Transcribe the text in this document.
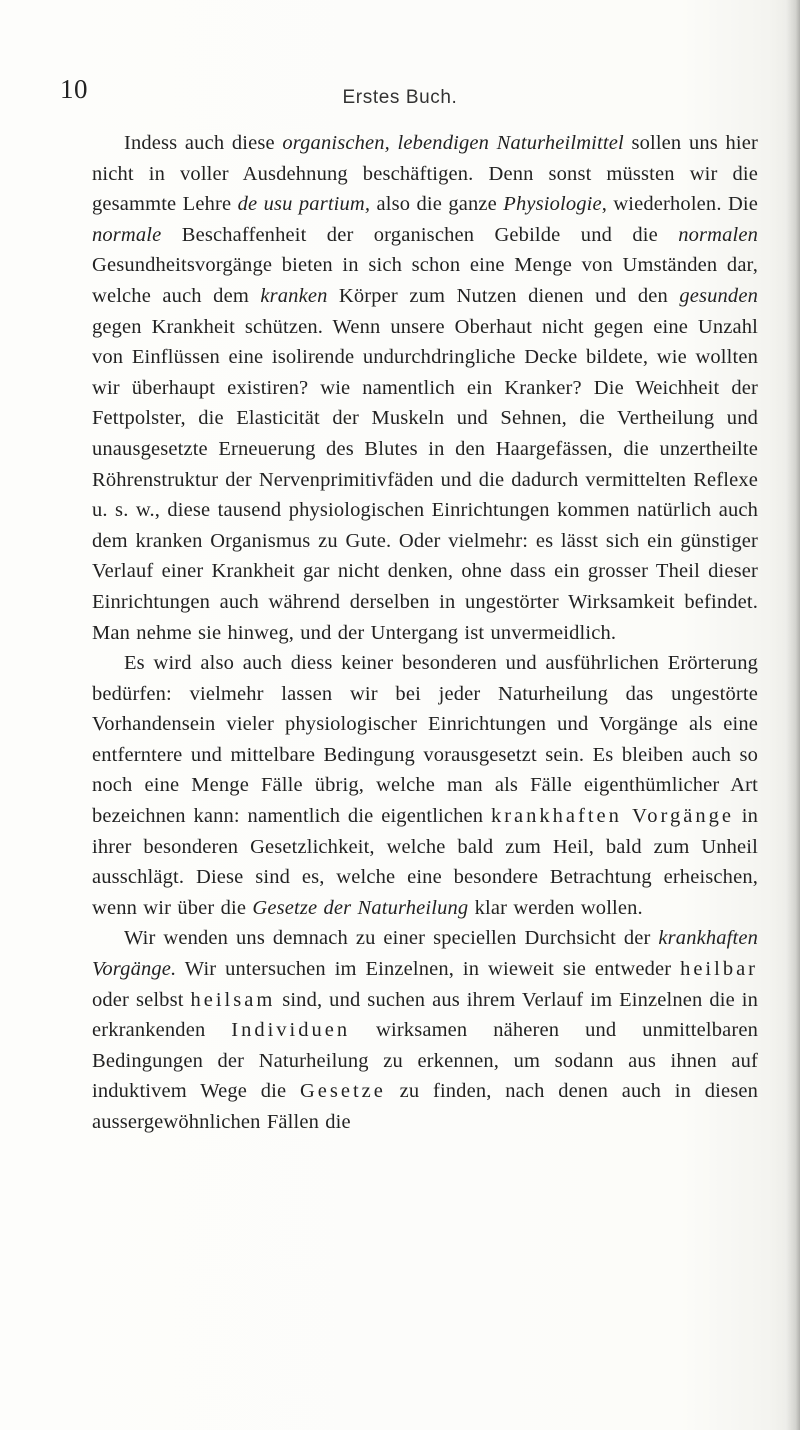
10	Erstes Buch.

Indess auch diese organischen, lebendigen Naturheilmittel sollen uns hier nicht in voller Ausdehnung beschäftigen. Denn sonst müssten wir die gesammte Lehre de usu partium, also die ganze Physiologie, wiederholen. Die normale Beschaffenheit der organischen Gebilde und die normalen Gesundheitsvorgänge bieten in sich schon eine Menge von Umständen dar, welche auch dem kranken Körper zum Nutzen dienen und den gesunden gegen Krankheit schützen. Wenn unsere Oberhaut nicht gegen eine Unzahl von Einflüssen eine isolirende undurchdringliche Decke bildete, wie wollten wir überhaupt existiren? wie namentlich ein Kranker? Die Weichheit der Fettpolster, die Elasticität der Muskeln und Sehnen, die Vertheilung und unausgesetzte Erneuerung des Blutes in den Haargefässen, die unzertheilte Röhrenstruktur der Nervenprimitivfäden und die dadurch vermittelten Reflexe u. s. w., diese tausend physiologischen Einrichtungen kommen natürlich auch dem kranken Organismus zu Gute. Oder vielmehr: es lässt sich ein günstiger Verlauf einer Krankheit gar nicht denken, ohne dass ein grosser Theil dieser Einrichtungen auch während derselben in ungestörter Wirksamkeit befindet. Man nehme sie hinweg, und der Untergang ist unvermeidlich.

Es wird also auch diess keiner besonderen und ausführlichen Erörterung bedürfen: vielmehr lassen wir bei jeder Naturheilung das ungestörte Vorhandensein vieler physiologischer Einrichtungen und Vorgänge als eine entferntere und mittelbare Bedingung vorausgesetzt sein. Es bleiben auch so noch eine Menge Fälle übrig, welche man als Fälle eigenthümlicher Art bezeichnen kann: namentlich die eigentlichen krankhaften Vorgänge in ihrer besonderen Gesetzlichkeit, welche bald zum Heil, bald zum Unheil ausschlägt. Diese sind es, welche eine besondere Betrachtung erheischen, wenn wir über die Gesetze der Naturheilung klar werden wollen.

Wir wenden uns demnach zu einer speciellen Durchsicht der krankhaften Vorgänge. Wir untersuchen im Einzelnen, in wieweit sie entweder heilbar oder selbst heilsam sind, und suchen aus ihrem Verlauf im Einzelnen die in erkrankenden Individuen wirksamen näheren und unmittelbaren Bedingungen der Naturheilung zu erkennen, um sodann aus ihnen auf induktivem Wege die Gesetze zu finden, nach denen auch in diesen aussergewöhnlichen Fällen die
